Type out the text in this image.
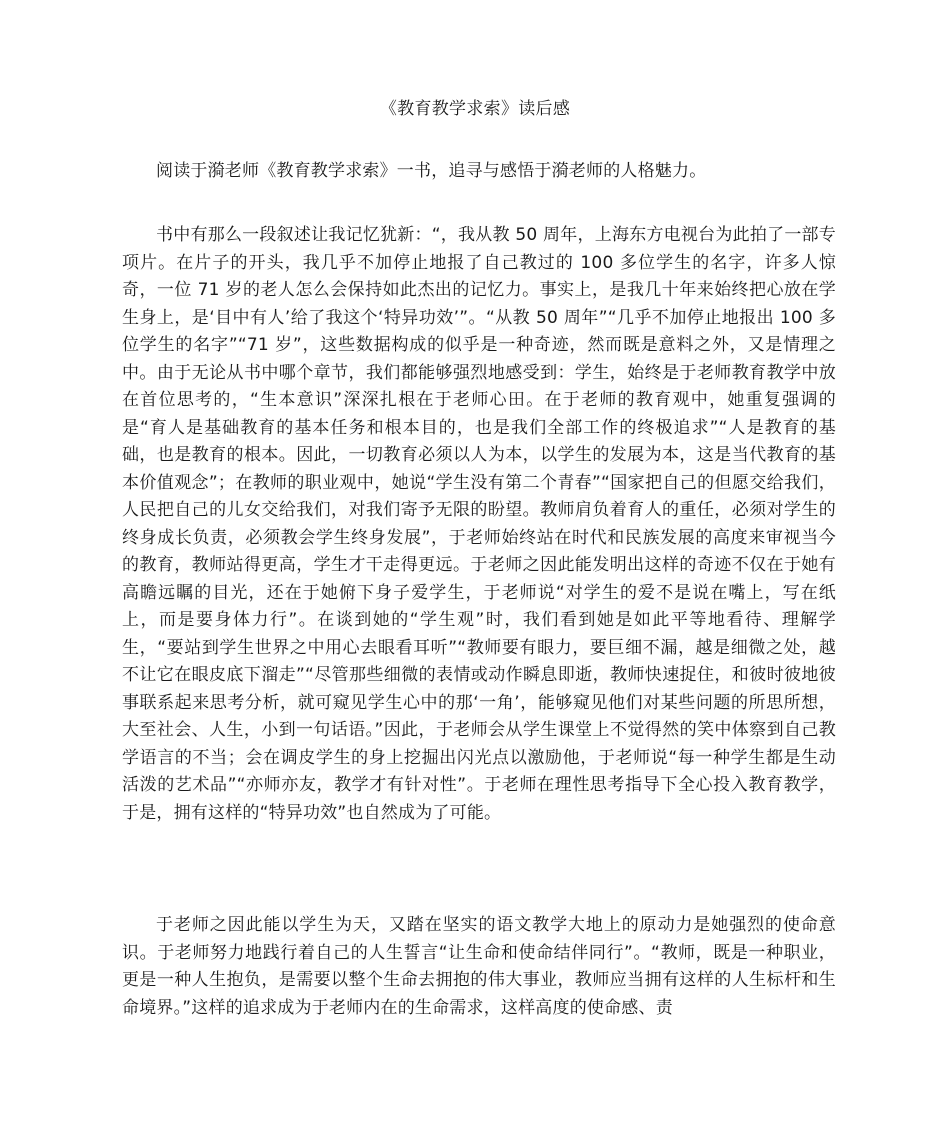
《教育教学求索》读后感

阅读于漪老师《教育教学求索》一书，追寻与感悟于漪老师的人格魅力。

书中有那么一段叙述让我记忆犹新：“，我从教 50 周年，上海东方电视台为此拍了一部专项片。在片子的开头，我几乎不加停止地报了自己教过的 100 多位学生的名字，许多人惊奇，一位 71 岁的老人怎么会保持如此杰出的记忆力。事实上，是我几十年来始终把心放在学生身上，是‘目中有人’给了我这个‘特异功效’”。“从教 50 周年”“几乎不加停止地报出 100 多位学生的名字”“71 岁”，这些数据构成的似乎是一种奇迹，然而既是意料之外，又是情理之中。由于无论从书中哪个章节，我们都能够强烈地感受到：学生，始终是于老师教育教学中放在首位思考的，“生本意识”深深扎根在于老师心田。在于老师的教育观中，她重复强调的是“育人是基础教育的基本任务和根本目的，也是我们全部工作的终极追求”“人是教育的基础，也是教育的根本。因此，一切教育必须以人为本，以学生的发展为本，这是当代教育的基本价值观念”；在教师的职业观中，她说“学生没有第二个青春”“国家把自己的但愿交给我们，人民把自己的儿女交给我们，对我们寄予无限的盼望。教师肩负着育人的重任，必须对学生的终身成长负责，必须教会学生终身发展”，于老师始终站在时代和民族发展的高度来审视当今的教育，教师站得更高，学生才干走得更远。于老师之因此能发明出这样的奇迹不仅在于她有高瞻远瞩的目光，还在于她俯下身子爱学生，于老师说“对学生的爱不是说在嘴上，写在纸上，而是要身体力行”。在谈到她的“学生观”时，我们看到她是如此平等地看待、理解学生，“要站到学生世界之中用心去眼看耳听”“教师要有眼力，要巨细不漏，越是细微之处，越不让它在眼皮底下溜走”“尽管那些细微的表情或动作瞬息即逝，教师快速捉住，和彼时彼地彼事联系起来思考分析，就可窥见学生心中的那‘一角’，能够窥见他们对某些问题的所思所想，大至社会、人生，小到一句话语。”因此，于老师会从学生课堂上不觉得然的笑中体察到自己教学语言的不当；会在调皮学生的身上挖掘出闪光点以激励他，于老师说“每一种学生都是生动活泼的艺术品”“亦师亦友，教学才有针对性”。于老师在理性思考指导下全心投入教育教学，于是，拥有这样的“特异功效”也自然成为了可能。

于老师之因此能以学生为天，又踏在坚实的语文教学大地上的原动力是她强烈的使命意识。于老师努力地践行着自己的人生誓言“让生命和使命结伴同行”。“教师，既是一种职业，更是一种人生抱负，是需要以整个生命去拥抱的伟大事业，教师应当拥有这样的人生标杆和生命境界。”这样的追求成为于老师内在的生命需求，这样高度的使命感、责
